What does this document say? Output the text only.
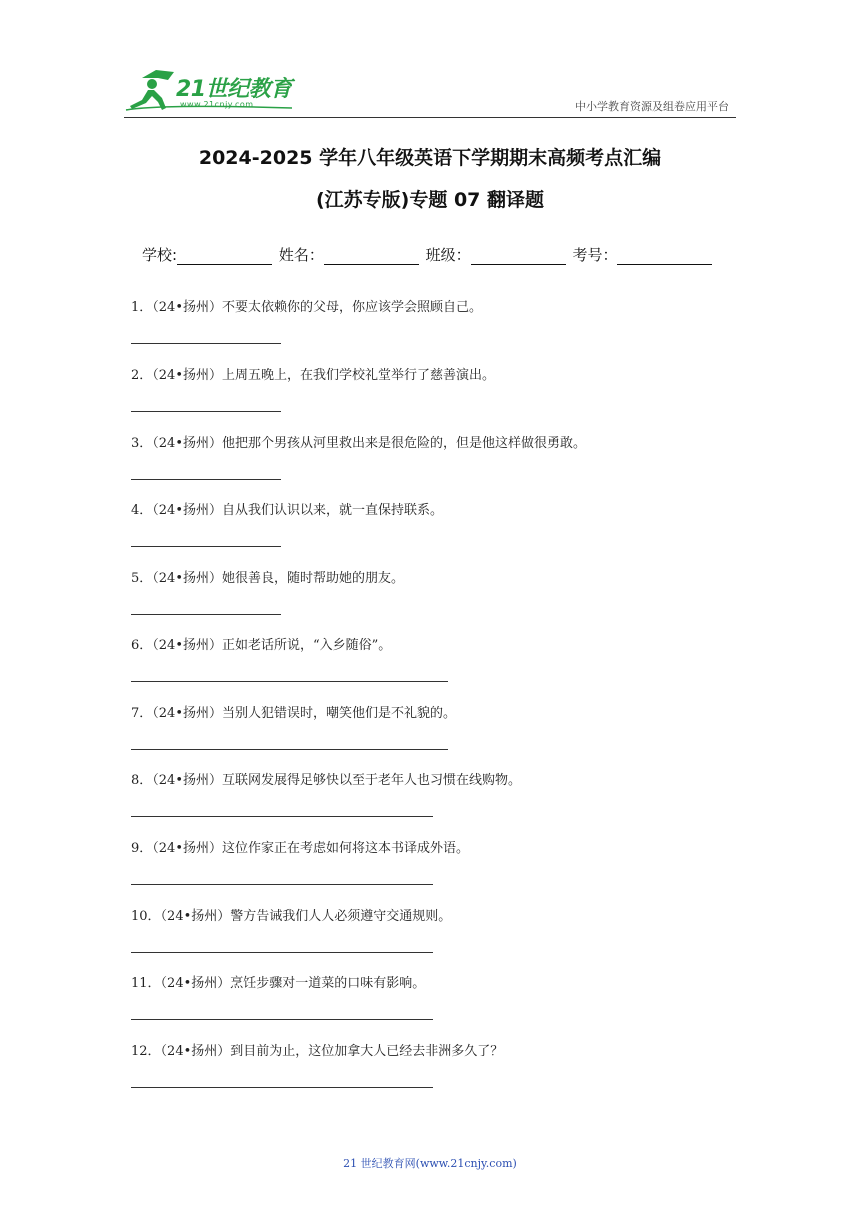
21世纪教育
www.21cnjy.com	中小学教育资源及组卷应用平台
2024-2025 学年八年级英语下学期期末高频考点汇编
(江苏专版)专题 07 翻译题
学校:	姓名：	班级：	考号：
1．（24•扬州）不要太依赖你的父母，你应该学会照顾自己。
2．（24•扬州）上周五晚上，在我们学校礼堂举行了慈善演出。
3．（24•扬州）他把那个男孩从河里救出来是很危险的，但是他这样做很勇敢。
4．（24•扬州）自从我们认识以来，就一直保持联系。
5．（24•扬州）她很善良，随时帮助她的朋友。
6．（24•扬州）正如老话所说，“入乡随俗”。
7．（24•扬州）当别人犯错误时，嘲笑他们是不礼貌的。
8．（24•扬州）互联网发展得足够快以至于老年人也习惯在线购物。
9．（24•扬州）这位作家正在考虑如何将这本书译成外语。
10．（24•扬州）警方告诫我们人人必须遵守交通规则。
11．（24•扬州）烹饪步骤对一道菜的口味有影响。
12．（24•扬州）到目前为止，这位加拿大人已经去非洲多久了？
21 世纪教育网(www.21cnjy.com)
